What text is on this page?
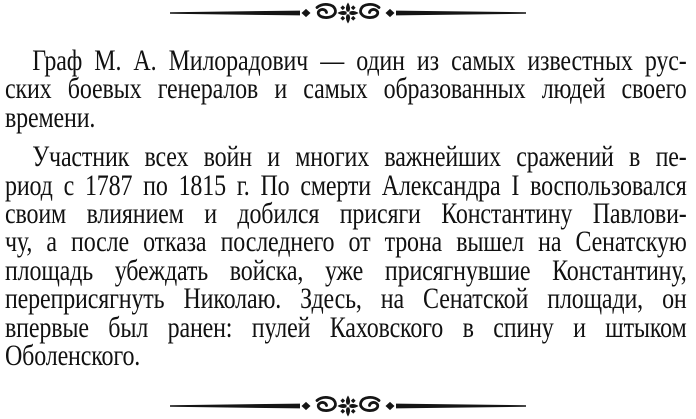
Граф М. А. Милорадович — один из самых известных рус-
ских боевых генералов и самых образованных людей своего
времени.
Участник всех войн и многих важнейших сражений в пе-
риод с 1787 по 1815 г. По смерти Александра I воспользовался
своим влиянием и добился присяги Константину Павлови-
чу, а после отказа последнего от трона вышел на Сенатскую
площадь убеждать войска, уже присягнувшие Константину,
переприсягнуть Николаю. Здесь, на Сенатской площади, он
впервые был ранен: пулей Каховского в спину и штыком
Оболенского.
